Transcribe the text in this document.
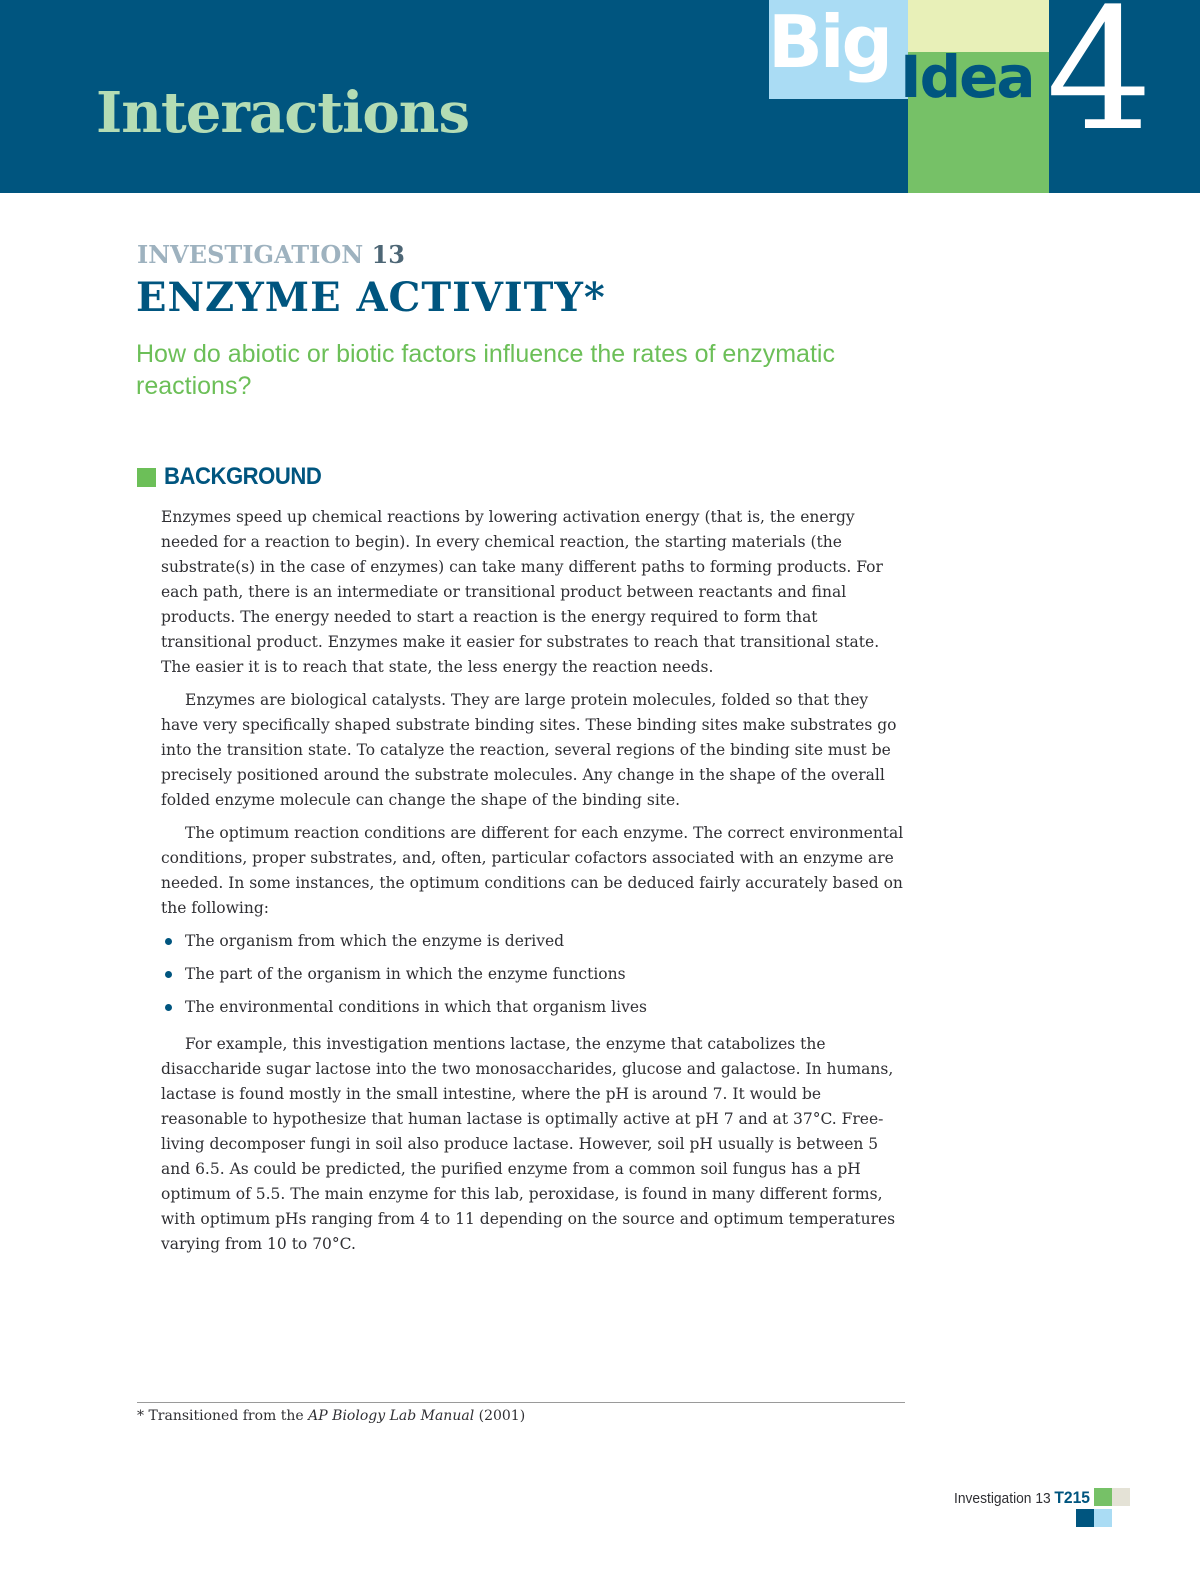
Big Idea 4
Interactions
INVESTIGATION 13
ENZYME ACTIVITY*

How do abiotic or biotic factors influence the rates of enzymatic reactions?

BACKGROUND

Enzymes speed up chemical reactions by lowering activation energy (that is, the energy needed for a reaction to begin). In every chemical reaction, the starting materials (the substrate(s) in the case of enzymes) can take many different paths to forming products. For each path, there is an intermediate or transitional product between reactants and final products. The energy needed to start a reaction is the energy required to form that transitional product. Enzymes make it easier for substrates to reach that transitional state. The easier it is to reach that state, the less energy the reaction needs.

Enzymes are biological catalysts. They are large protein molecules, folded so that they have very specifically shaped substrate binding sites. These binding sites make substrates go into the transition state. To catalyze the reaction, several regions of the binding site must be precisely positioned around the substrate molecules. Any change in the shape of the overall folded enzyme molecule can change the shape of the binding site.

The optimum reaction conditions are different for each enzyme. The correct environmental conditions, proper substrates, and, often, particular cofactors associated with an enzyme are needed. In some instances, the optimum conditions can be deduced fairly accurately based on the following:

The organism from which the enzyme is derived
The part of the organism in which the enzyme functions
The environmental conditions in which that organism lives

For example, this investigation mentions lactase, the enzyme that catabolizes the disaccharide sugar lactose into the two monosaccharides, glucose and galactose. In humans, lactase is found mostly in the small intestine, where the pH is around 7. It would be reasonable to hypothesize that human lactase is optimally active at pH 7 and at 37°C. Free-living decomposer fungi in soil also produce lactase. However, soil pH usually is between 5 and 6.5. As could be predicted, the purified enzyme from a common soil fungus has a pH optimum of 5.5. The main enzyme for this lab, peroxidase, is found in many different forms, with optimum pHs ranging from 4 to 11 depending on the source and optimum temperatures varying from 10 to 70°C.

* Transitioned from the AP Biology Lab Manual (2001)

Investigation 13 T215
